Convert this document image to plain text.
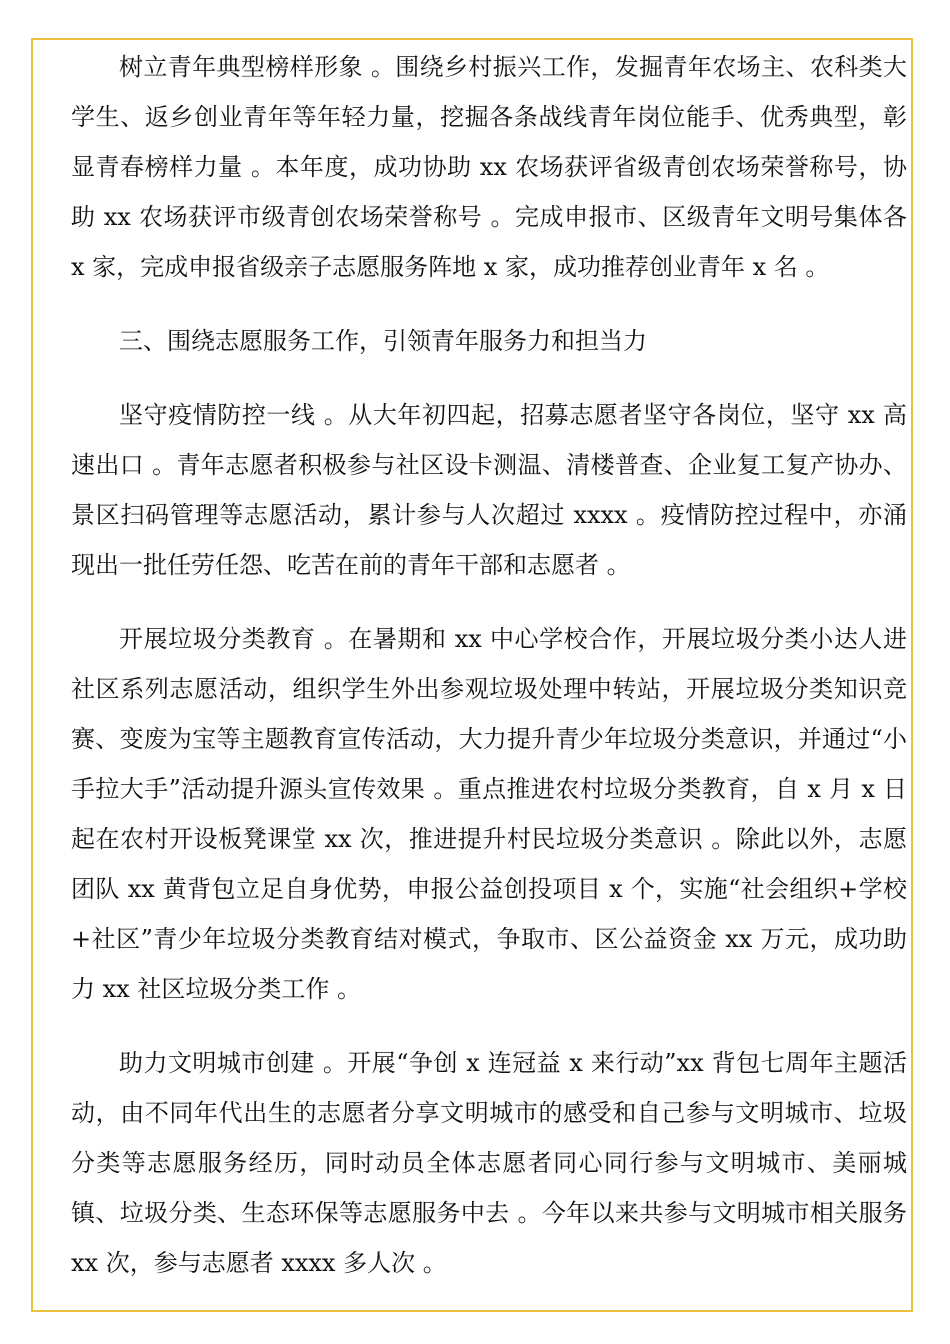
树立青年典型榜样形象 。围绕乡村振兴工作，发掘青年农场主、农科类大学生、返乡创业青年等年轻力量，挖掘各条战线青年岗位能手、优秀典型，彰显青春榜样力量 。本年度，成功协助 xx 农场获评省级青创农场荣誉称号，协助 xx 农场获评市级青创农场荣誉称号 。完成申报市、区级青年文明号集体各 x 家，完成申报省级亲子志愿服务阵地 x 家，成功推荐创业青年 x 名 。

三、围绕志愿服务工作，引领青年服务力和担当力

坚守疫情防控一线 。从大年初四起，招募志愿者坚守各岗位，坚守 xx 高速出口 。青年志愿者积极参与社区设卡测温、清楼普查、企业复工复产协办、景区扫码管理等志愿活动，累计参与人次超过 xxxx 。疫情防控过程中，亦涌现出一批任劳任怨、吃苦在前的青年干部和志愿者 。

开展垃圾分类教育 。在暑期和 xx 中心学校合作，开展垃圾分类小达人进社区系列志愿活动，组织学生外出参观垃圾处理中转站，开展垃圾分类知识竞赛、变废为宝等主题教育宣传活动，大力提升青少年垃圾分类意识，并通过“小手拉大手”活动提升源头宣传效果 。重点推进农村垃圾分类教育，自 x 月 x 日起在农村开设板凳课堂 xx 次，推进提升村民垃圾分类意识 。除此以外，志愿团队 xx 黄背包立足自身优势，申报公益创投项目 x 个，实施“社会组织+学校+社区”青少年垃圾分类教育结对模式，争取市、区公益资金 xx 万元，成功助力 xx 社区垃圾分类工作 。

助力文明城市创建 。开展“争创 x 连冠益 x 来行动”xx 背包七周年主题活动，由不同年代出生的志愿者分享文明城市的感受和自己参与文明城市、垃圾分类等志愿服务经历，同时动员全体志愿者同心同行参与文明城市、美丽城镇、垃圾分类、生态环保等志愿服务中去 。今年以来共参与文明城市相关服务 xx 次，参与志愿者 xxxx 多人次 。
